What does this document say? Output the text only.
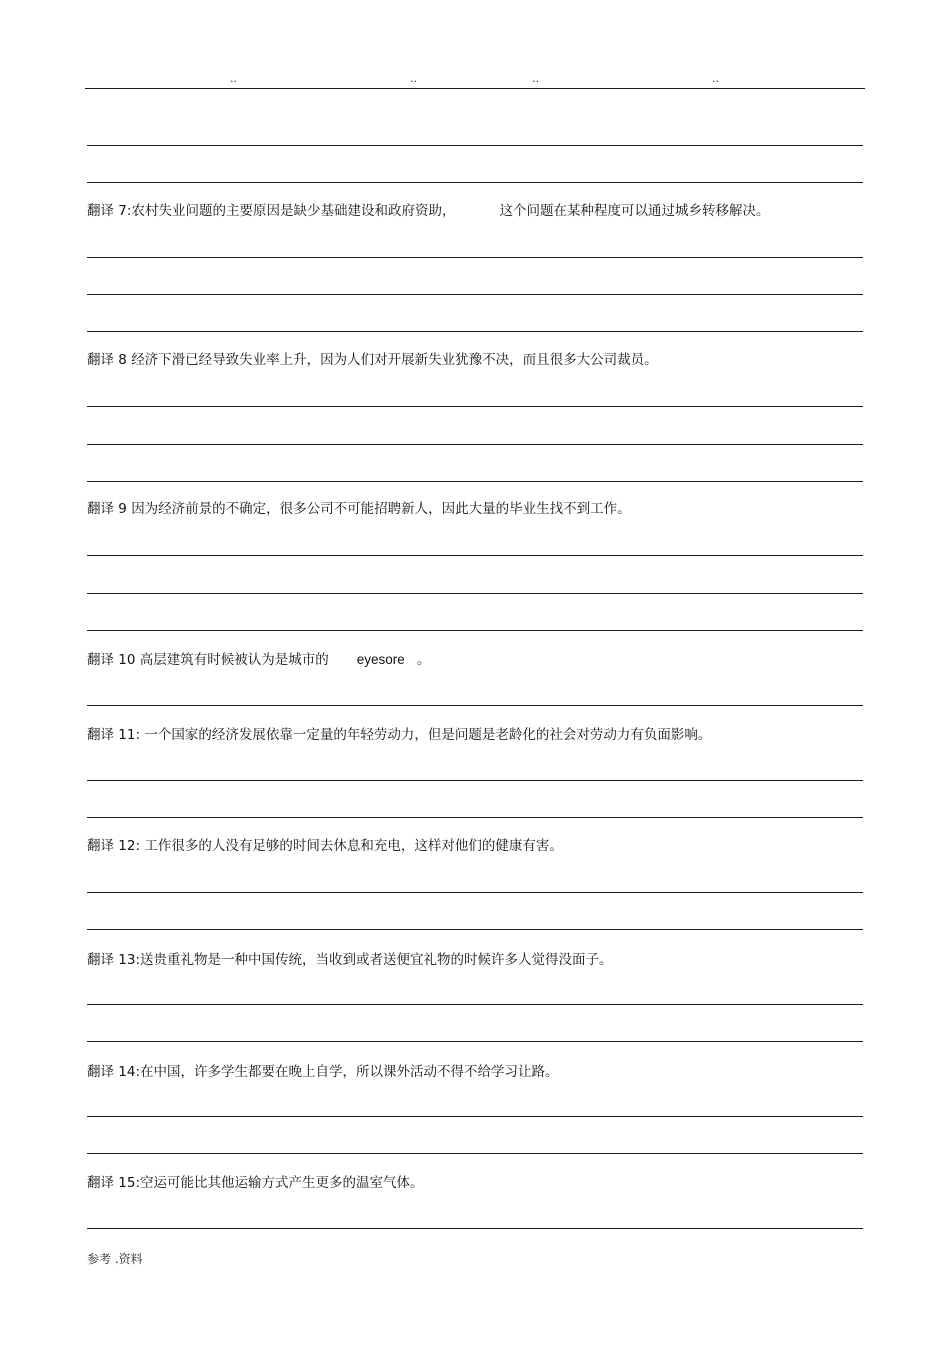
..	..	..	..
翻译 7:农村失业问题的主要原因是缺少基础建设和政府资助，	这个问题在某种程度可以通过城乡转移解决。
翻译 8 经济下滑已经导致失业率上升，因为人们对开展新失业犹豫不决，而且很多大公司裁员。
翻译 9 因为经济前景的不确定，很多公司不可能招聘新人，因此大量的毕业生找不到工作。
翻译 10 高层建筑有时候被认为是城市的 eyesore 。
翻译 11: 一个国家的经济发展依靠一定量的年轻劳动力，但是问题是老龄化的社会对劳动力有负面影响。
翻译 12: 工作很多的人没有足够的时间去休息和充电，这样对他们的健康有害。
翻译 13:送贵重礼物是一种中国传统，当收到或者送便宜礼物的时候许多人觉得没面子。
翻译 14:在中国，许多学生都要在晚上自学，所以课外活动不得不给学习让路。
翻译 15:空运可能比其他运输方式产生更多的温室气体。
参考 .资料
